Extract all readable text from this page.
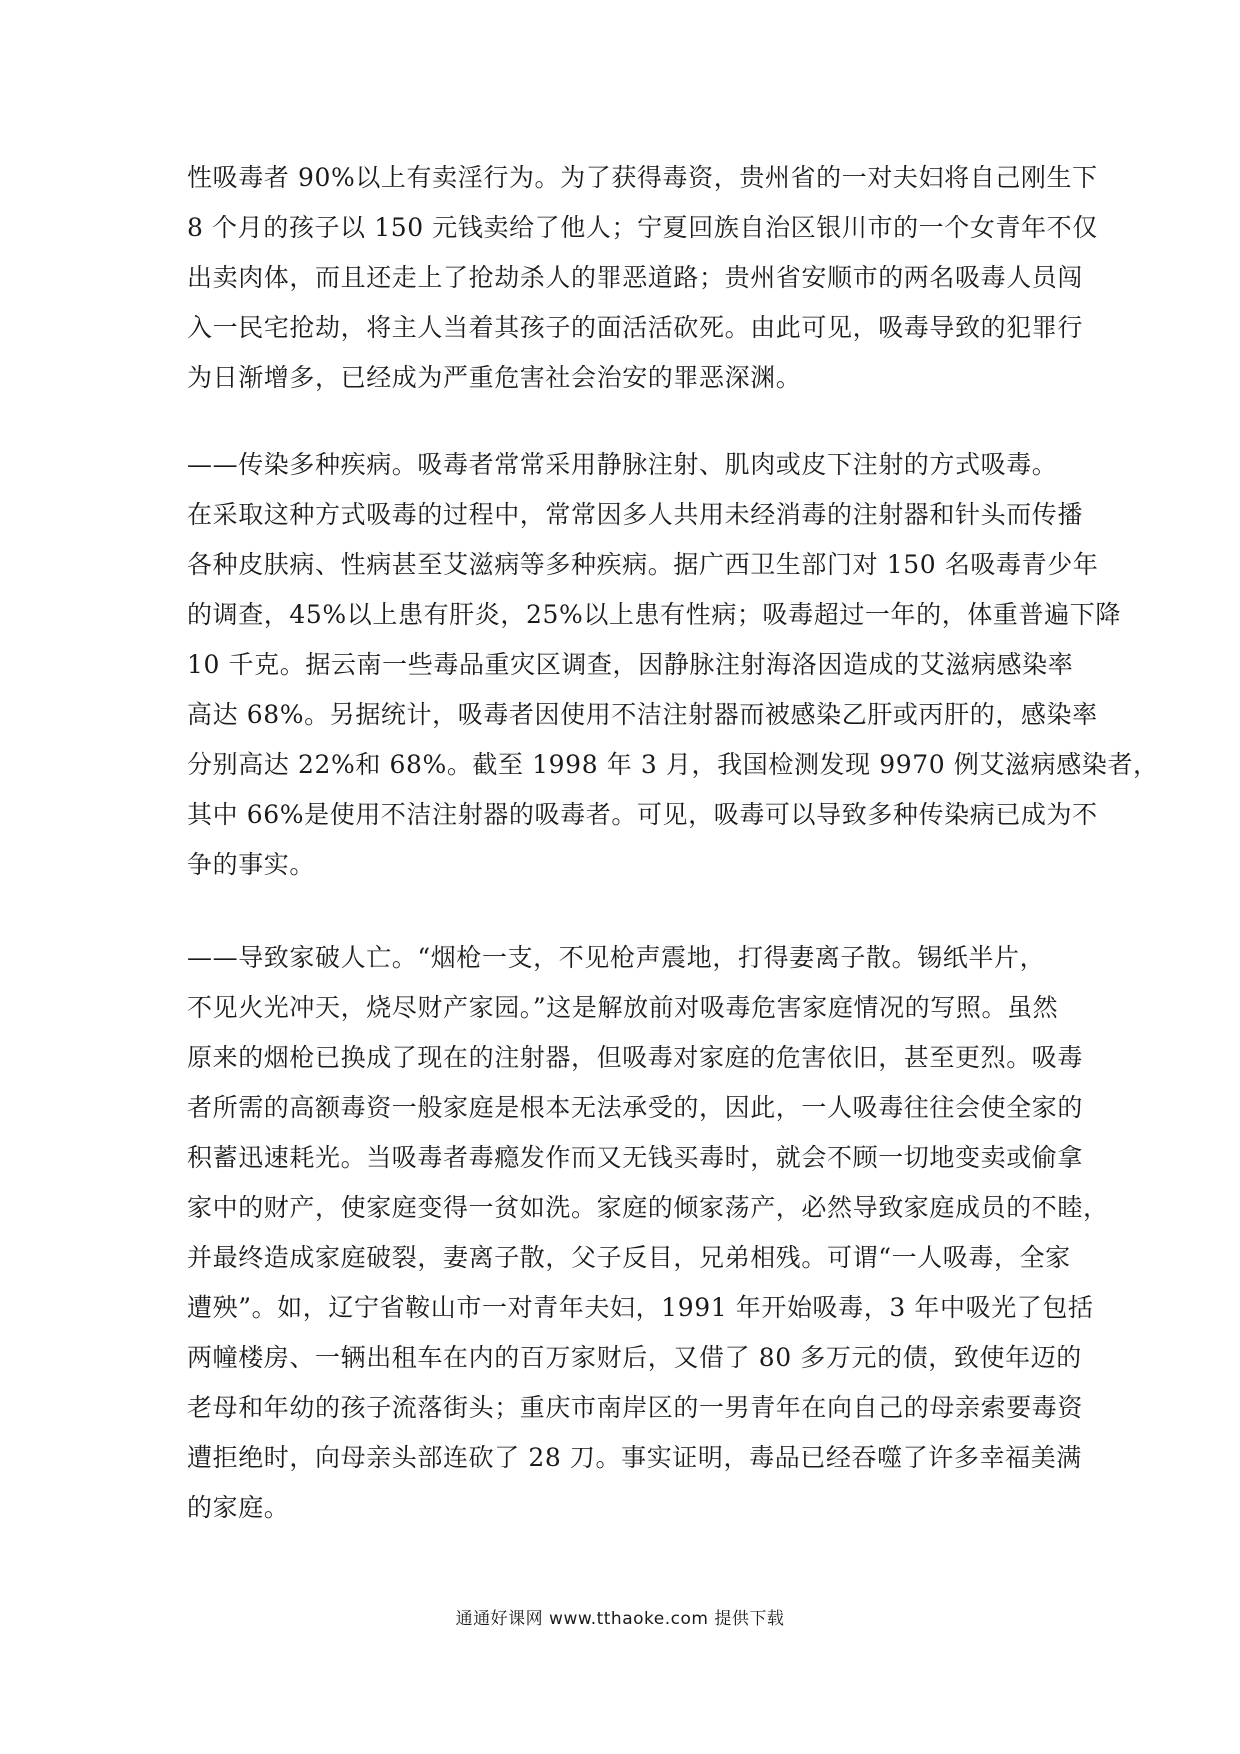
性吸毒者 90%以上有卖淫行为。为了获得毒资，贵州省的一对夫妇将自己刚生下
8 个月的孩子以 150 元钱卖给了他人；宁夏回族自治区银川市的一个女青年不仅
出卖肉体，而且还走上了抢劫杀人的罪恶道路；贵州省安顺市的两名吸毒人员闯
入一民宅抢劫，将主人当着其孩子的面活活砍死。由此可见，吸毒导致的犯罪行
为日渐增多，已经成为严重危害社会治安的罪恶深渊。
——传染多种疾病。吸毒者常常采用静脉注射、肌肉或皮下注射的方式吸毒。
在采取这种方式吸毒的过程中，常常因多人共用未经消毒的注射器和针头而传播
各种皮肤病、性病甚至艾滋病等多种疾病。据广西卫生部门对 150 名吸毒青少年
的调查，45%以上患有肝炎，25%以上患有性病；吸毒超过一年的，体重普遍下降
10 千克。据云南一些毒品重灾区调查，因静脉注射海洛因造成的艾滋病感染率
高达 68%。另据统计，吸毒者因使用不洁注射器而被感染乙肝或丙肝的，感染率
分别高达 22%和 68%。截至 1998 年 3 月，我国检测发现 9970 例艾滋病感染者，
其中 66%是使用不洁注射器的吸毒者。可见，吸毒可以导致多种传染病已成为不
争的事实。
——导致家破人亡。“烟枪一支，不见枪声震地，打得妻离子散。锡纸半片，
不见火光冲天，烧尽财产家园。”这是解放前对吸毒危害家庭情况的写照。虽然
原来的烟枪已换成了现在的注射器，但吸毒对家庭的危害依旧，甚至更烈。吸毒
者所需的高额毒资一般家庭是根本无法承受的，因此，一人吸毒往往会使全家的
积蓄迅速耗光。当吸毒者毒瘾发作而又无钱买毒时，就会不顾一切地变卖或偷拿
家中的财产，使家庭变得一贫如洗。家庭的倾家荡产，必然导致家庭成员的不睦，
并最终造成家庭破裂，妻离子散，父子反目，兄弟相残。可谓“一人吸毒，全家
遭殃”。如，辽宁省鞍山市一对青年夫妇，1991 年开始吸毒，3 年中吸光了包括
两幢楼房、一辆出租车在内的百万家财后，又借了 80 多万元的债，致使年迈的
老母和年幼的孩子流落街头；重庆市南岸区的一男青年在向自己的母亲索要毒资
遭拒绝时，向母亲头部连砍了 28 刀。事实证明，毒品已经吞噬了许多幸福美满
的家庭。
通通好课网 www.tthaoke.com 提供下载
